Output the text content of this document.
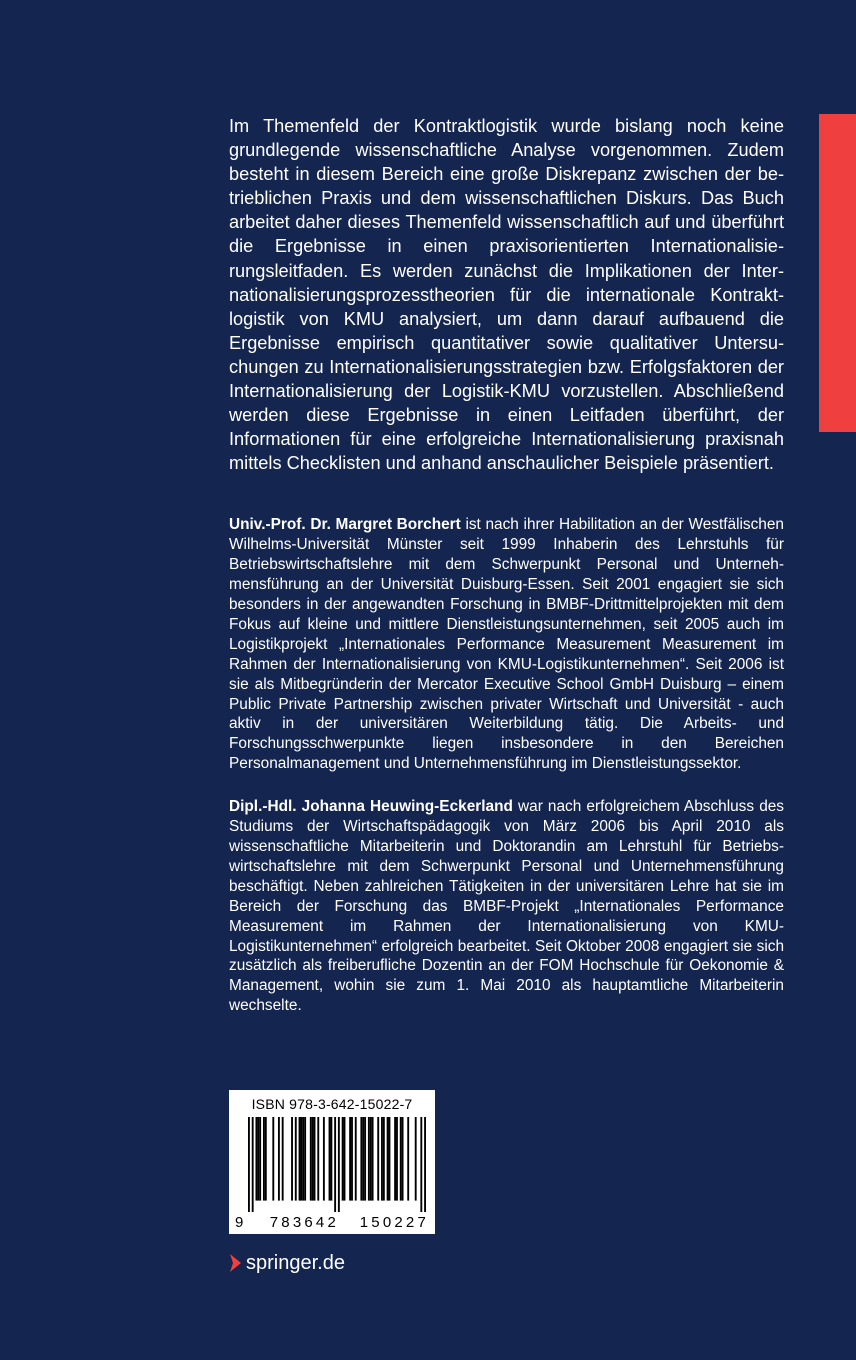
Im Themenfeld der Kontraktlogistik wurde bislang noch keine grundlegende wissenschaftliche Analyse vorgenommen. Zudem besteht in diesem Bereich eine große Diskrepanz zwischen der betrieblichen Praxis und dem wissenschaftlichen Diskurs. Das Buch arbeitet daher dieses Themenfeld wissenschaftlich auf und überführt die Ergebnisse in einen praxisorientierten Internationalisierungsleitfaden. Es werden zunächst die Implikationen der Internationalisierungsprozesstheorien für die internationale Kontraktlogistik von KMU analysiert, um dann darauf aufbauend die Ergebnisse empirisch quantitativer sowie qualitativer Untersuchungen zu Internationalisierungsstrategien bzw. Erfolgsfaktoren der Internationalisierung der Logistik-KMU vorzustellen. Abschließend werden diese Ergebnisse in einen Leitfaden überführt, der Informationen für eine erfolgreiche Internationalisierung praxisnah mittels Checklisten und anhand anschaulicher Beispiele präsentiert.

Univ.-Prof. Dr. Margret Borchert ist nach ihrer Habilitation an der Westfälischen Wilhelms-Universität Münster seit 1999 Inhaberin des Lehrstuhls für Betriebswirtschaftslehre mit dem Schwerpunkt Personal und Unternehmensführung an der Universität Duisburg-Essen. Seit 2001 engagiert sie sich besonders in der angewandten Forschung in BMBF-Drittmittelprojekten mit dem Fokus auf kleine und mittlere Dienstleistungsunternehmen, seit 2005 auch im Logistikprojekt „Internationales Performance Measurement Measurement im Rahmen der Internationalisierung von KMU-Logistikunternehmen“. Seit 2006 ist sie als Mitbegründerin der Mercator Executive School GmbH Duisburg – einem Public Private Partnership zwischen privater Wirtschaft und Universität - auch aktiv in der universitären Weiterbildung tätig. Die Arbeits- und Forschungsschwerpunkte liegen insbesondere in den Bereichen Personalmanagement und Unternehmensführung im Dienstleistungssektor.

Dipl.-Hdl. Johanna Heuwing-Eckerland war nach erfolgreichem Abschluss des Studiums der Wirtschaftspädagogik von März 2006 bis April 2010 als wissenschaftliche Mitarbeiterin und Doktorandin am Lehrstuhl für Betriebswirtschaftslehre mit dem Schwerpunkt Personal und Unternehmensführung beschäftigt. Neben zahlreichen Tätigkeiten in der universitären Lehre hat sie im Bereich der Forschung das BMBF-Projekt „Internationales Performance Measurement im Rahmen der Internationalisierung von KMU-Logistikunternehmen“ erfolgreich bearbeitet. Seit Oktober 2008 engagiert sie sich zusätzlich als freiberufliche Dozentin an der FOM Hochschule für Oekonomie & Management, wohin sie zum 1. Mai 2010 als hauptamtliche Mitarbeiterin wechselte.

ISBN 978-3-642-15022-7
9	783642 150227
springer.de
